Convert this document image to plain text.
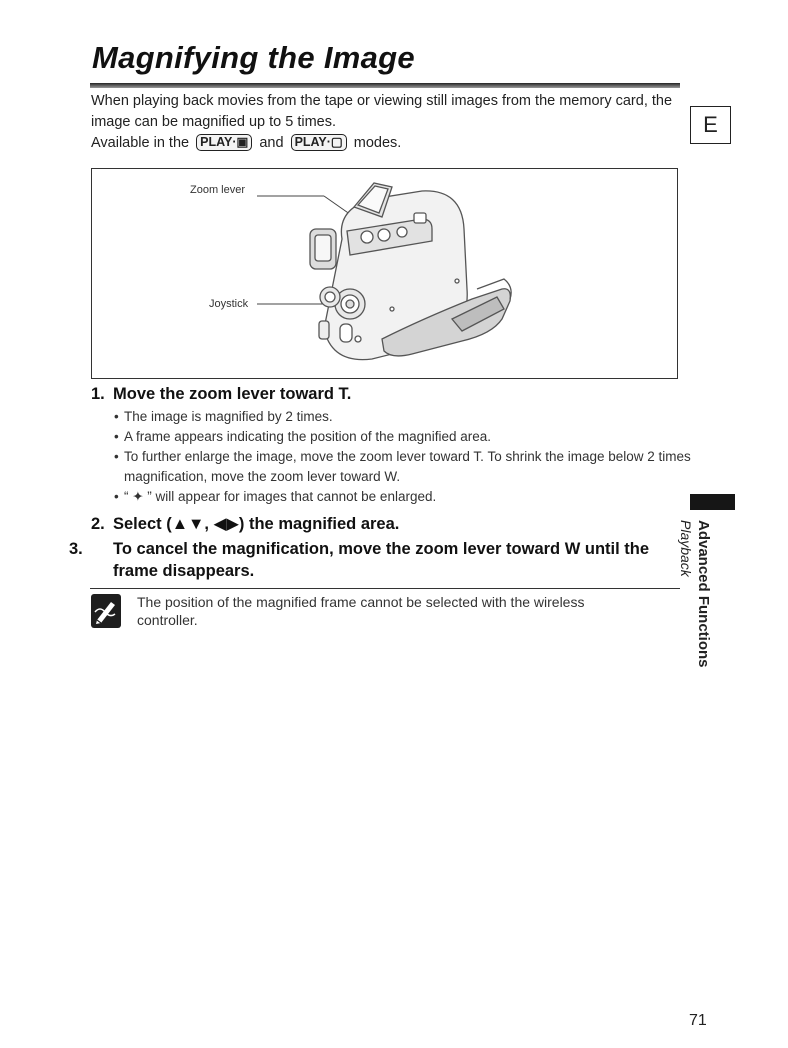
Magnifying the Image

When playing back movies from the tape or viewing still images from the memory card, the image can be magnified up to 5 times.

Available in the PLAY·▣ and PLAY·▢ modes.

E
Zoom lever
Joystick
1. Move the zoom lever toward T.
• The image is magnified by 2 times.
• A frame appears indicating the position of the magnified area.
• To further enlarge the image, move the zoom lever toward T. To shrink the image below 2 times magnification, move the zoom lever toward W.
• “ ✦ ” will appear for images that cannot be enlarged.
2. Select (▲▼, ◀▶) the magnified area.
3. To cancel the magnification, move the zoom lever toward W until the frame disappears.
The position of the magnified frame cannot be selected with the wireless controller.	Advanced Functions
Playback
71
